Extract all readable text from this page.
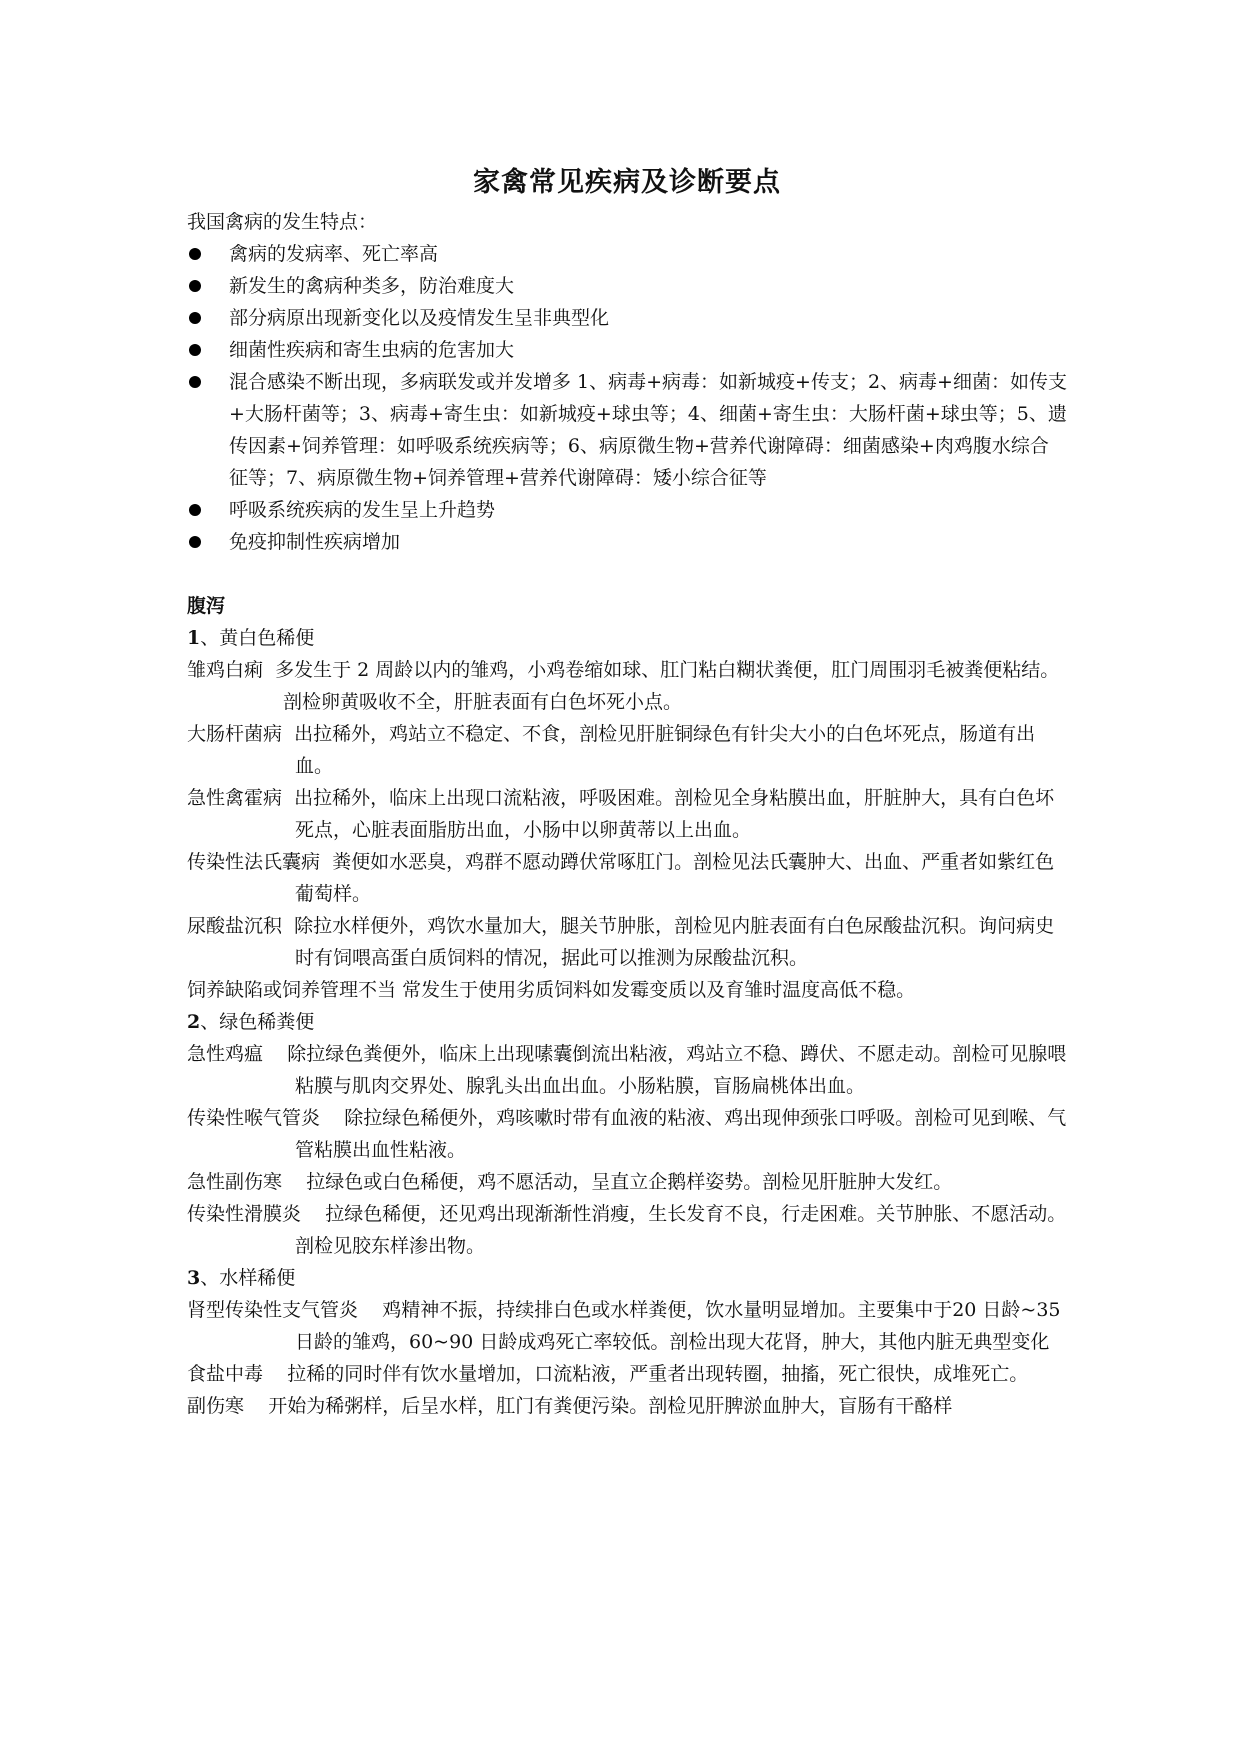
家禽常见疾病及诊断要点
我国禽病的发生特点：
禽病的发病率、死亡率高
新发生的禽病种类多，防治难度大
部分病原出现新变化以及疫情发生呈非典型化
细菌性疾病和寄生虫病的危害加大
混合感染不断出现，多病联发或并发增多 1、病毒+病毒：如新城疫+传支；2、病毒+细菌：如传支+大肠杆菌等；3、病毒+寄生虫：如新城疫+球虫等；4、细菌+寄生虫：大肠杆菌+球虫等；5、遗传因素+饲养管理：如呼吸系统疾病等；6、病原微生物+营养代谢障碍：细菌感染+肉鸡腹水综合征等；7、病原微生物+饲养管理+营养代谢障碍：矮小综合征等
呼吸系统疾病的发生呈上升趋势
免疫抑制性疾病增加
腹泻
1、黄白色稀便
雏鸡白痢 多发生于 2 周龄以内的雏鸡，小鸡卷缩如球、肛门粘白糊状粪便，肛门周围羽毛被粪便粘结。剖检卵黄吸收不全，肝脏表面有白色坏死小点。
大肠杆菌病 出拉稀外，鸡站立不稳定、不食，剖检见肝脏铜绿色有针尖大小的白色坏死点，肠道有出血。
急性禽霍病 出拉稀外，临床上出现口流粘液，呼吸困难。剖检见全身粘膜出血，肝脏肿大，具有白色坏死点，心脏表面脂肪出血，小肠中以卵黄蒂以上出血。
传染性法氏囊病 粪便如水恶臭，鸡群不愿动蹲伏常啄肛门。剖检见法氏囊肿大、出血、严重者如紫红色葡萄样。
尿酸盐沉积 除拉水样便外，鸡饮水量加大，腿关节肿胀，剖检见内脏表面有白色尿酸盐沉积。询问病史时有饲喂高蛋白质饲料的情况，据此可以推测为尿酸盐沉积。
饲养缺陷或饲养管理不当 常发生于使用劣质饲料如发霉变质以及育雏时温度高低不稳。
2、绿色稀粪便
急性鸡瘟 除拉绿色粪便外，临床上出现嗉囊倒流出粘液，鸡站立不稳、蹲伏、不愿走动。剖检可见腺喂粘膜与肌肉交界处、腺乳头出血出血。小肠粘膜，盲肠扁桃体出血。
传染性喉气管炎 除拉绿色稀便外，鸡咳嗽时带有血液的粘液、鸡出现伸颈张口呼吸。剖检可见到喉、气管粘膜出血性粘液。
急性副伤寒 拉绿色或白色稀便，鸡不愿活动，呈直立企鹅样姿势。剖检见肝脏肿大发红。
传染性滑膜炎 拉绿色稀便，还见鸡出现渐渐性消瘦，生长发育不良，行走困难。关节肿胀、不愿活动。剖检见胶东样渗出物。
3、水样稀便
肾型传染性支气管炎 鸡精神不振，持续排白色或水样粪便，饮水量明显增加。主要集中于20 日龄~35 日龄的雏鸡，60~90 日龄成鸡死亡率较低。剖检出现大花肾，肿大，其他内脏无典型变化
食盐中毒 拉稀的同时伴有饮水量增加，口流粘液，严重者出现转圈，抽搐，死亡很快，成堆死亡。
副伤寒 开始为稀粥样，后呈水样，肛门有粪便污染。剖检见肝脾淤血肿大，盲肠有干酪样
